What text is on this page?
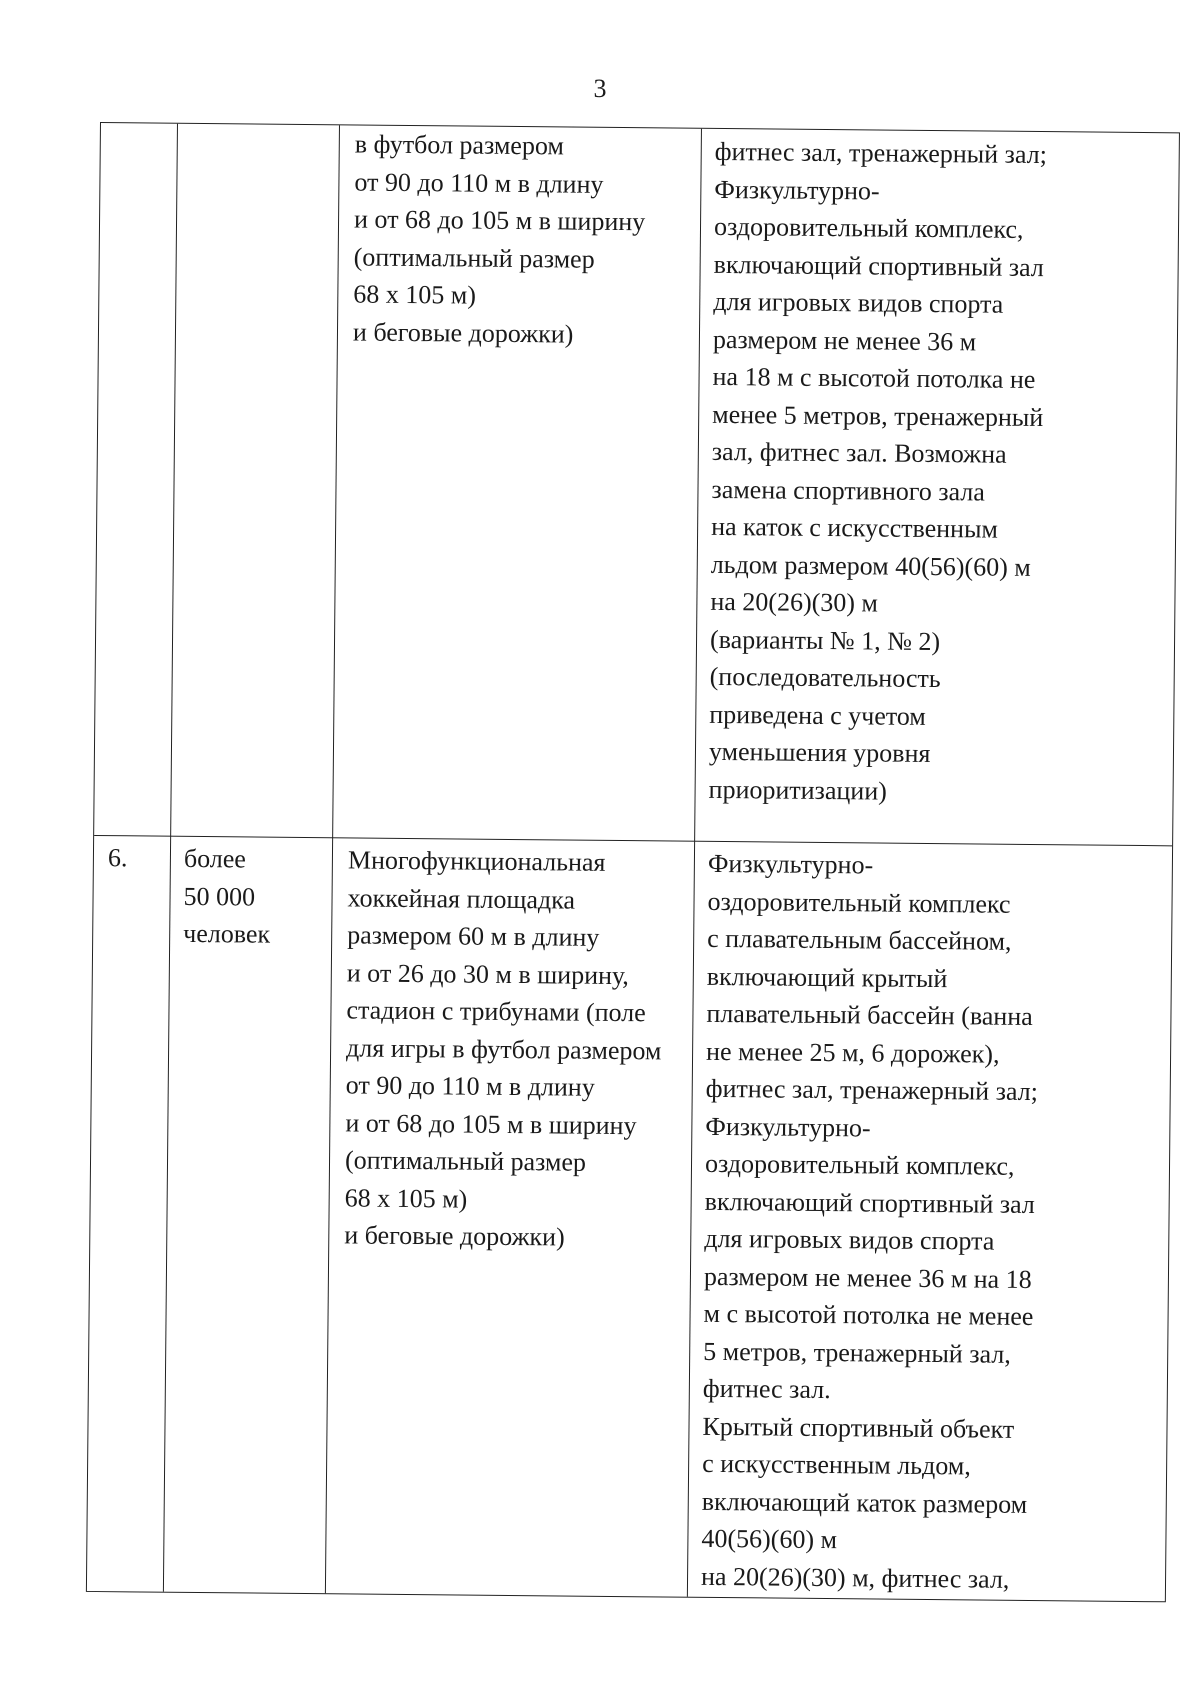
3
в футбол размером
от 90 до 110 м в длину
и от 68 до 105 м в ширину
(оптимальный размер
68 х 105 м)
и беговые дорожки)
фитнес зал, тренажерный зал;
Физкультурно-
оздоровительный комплекс,
включающий спортивный зал
для игровых видов спорта
размером не менее 36 м
на 18 м с высотой потолка не
менее 5 метров, тренажерный
зал, фитнес зал. Возможна
замена спортивного зала
на каток с искусственным
льдом размером 40(56)(60) м
на 20(26)(30) м
(варианты № 1, № 2)
(последовательность
приведена с учетом
уменьшения уровня
приоритизации)
6.	более
50 000
человек
Многофункциональная
хоккейная площадка
размером 60 м в длину
и от 26 до 30 м в ширину,
стадион с трибунами (поле
для игры в футбол размером
от 90 до 110 м в длину
и от 68 до 105 м в ширину
(оптимальный размер
68 х 105 м)
и беговые дорожки)
Физкультурно-
оздоровительный комплекс
с плавательным бассейном,
включающий крытый
плавательный бассейн (ванна
не менее 25 м, 6 дорожек),
фитнес зал, тренажерный зал;
Физкультурно-
оздоровительный комплекс,
включающий спортивный зал
для игровых видов спорта
размером не менее 36 м на 18
м с высотой потолка не менее
5 метров, тренажерный зал,
фитнес зал.
Крытый спортивный объект
с искусственным льдом,
включающий каток размером
40(56)(60) м
на 20(26)(30) м, фитнес зал,
